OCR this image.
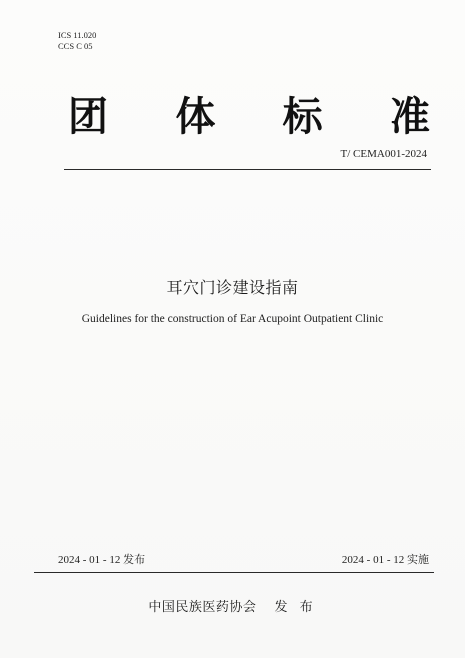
ICS 11.020
CCS C 05
团 体 标 准
T/ CEMA001-2024
耳穴门诊建设指南
Guidelines for the construction of Ear Acupoint Outpatient Clinic
2024 - 01 - 12 发布	2024 - 01 - 12 实施
中国民族医药协会 发 布
